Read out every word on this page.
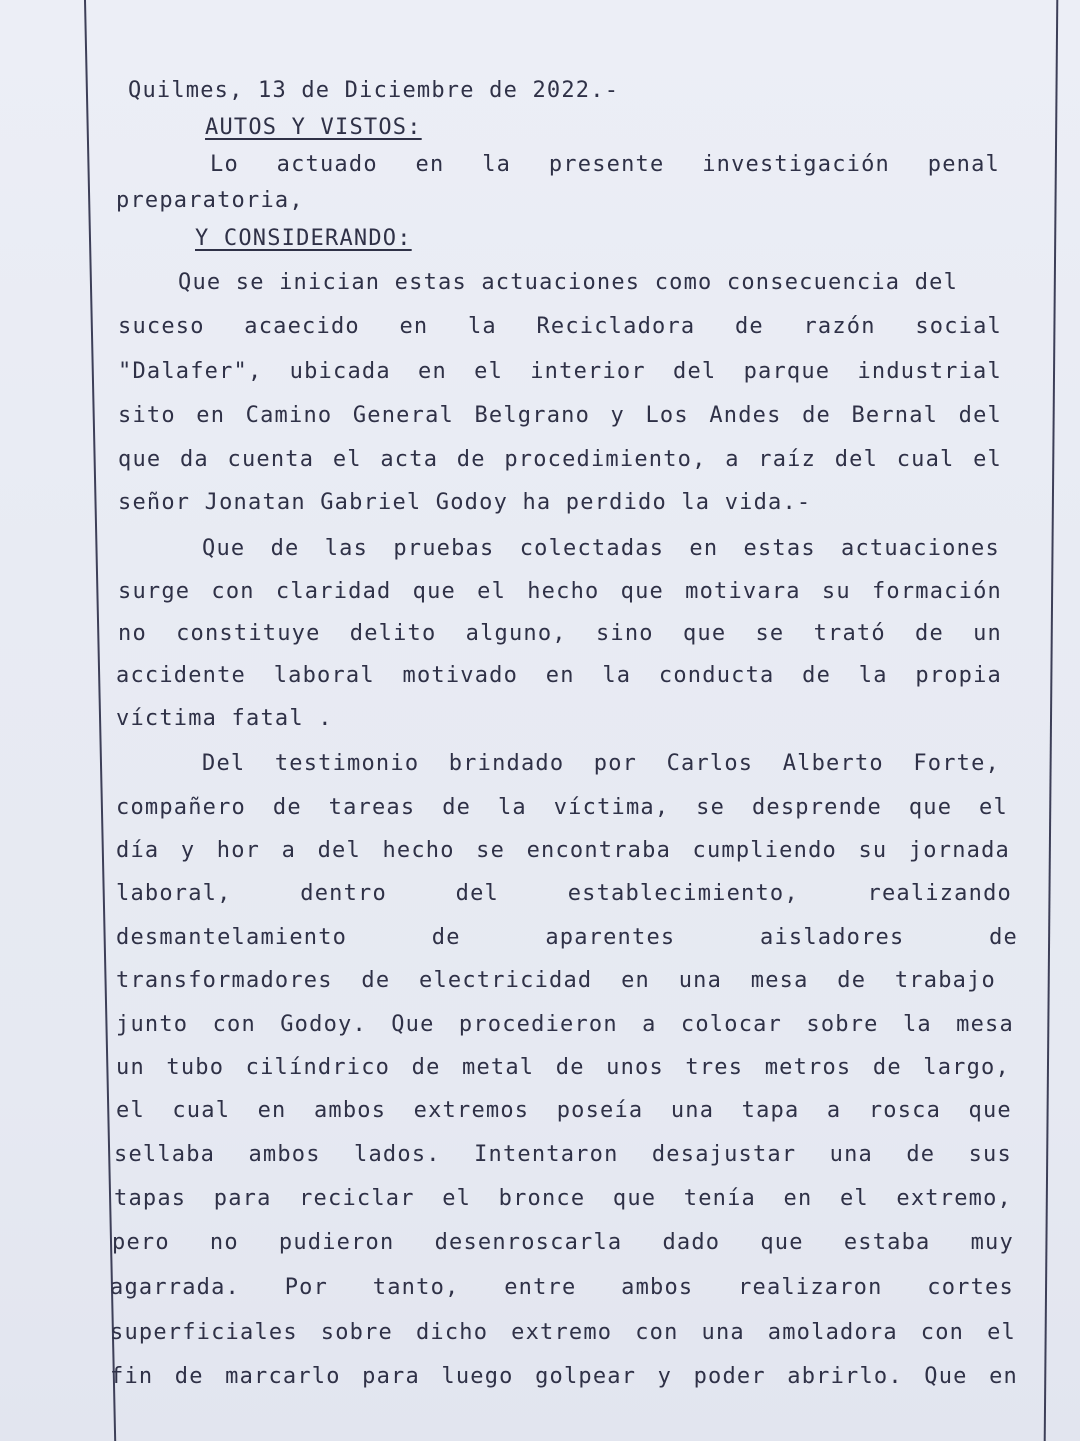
Quilmes, 13 de Diciembre de 2022.-
AUTOS Y VISTOS:
Lo actuado en la presente investigación penal
preparatoria,
Y CONSIDERANDO:
Que se inician estas actuaciones como consecuencia del
suceso acaecido en la Recicladora de razón social
"Dalafer", ubicada en el interior del parque industrial
sito en Camino General Belgrano y Los Andes de Bernal del
que da cuenta el acta de procedimiento, a raíz del cual el
señor Jonatan Gabriel Godoy ha perdido la vida.-
Que de las pruebas colectadas en estas actuaciones
surge con claridad que el hecho que motivara su formación
no constituye delito alguno, sino que se trató de un
accidente laboral motivado en la conducta de la propia
víctima fatal .
Del testimonio brindado por Carlos Alberto Forte,
compañero de tareas de la víctima, se desprende que el
día y hor a del hecho se encontraba cumpliendo su jornada
laboral,	dentro	del	establecimiento,	realizando
desmantelamiento	de	aparentes	aisladores	de
transformadores de electricidad en una mesa de trabajo
junto con Godoy. Que procedieron a colocar sobre la mesa
un tubo cilíndrico de metal de unos tres metros de largo,
el cual en ambos extremos poseía una tapa a rosca que
sellaba ambos lados. Intentaron desajustar una de sus
tapas para reciclar el bronce que tenía en el extremo,
pero no pudieron desenroscarla dado que estaba muy
agarrada. Por tanto, entre ambos realizaron cortes
superficiales sobre dicho extremo con una amoladora con el
fin de marcarlo para luego golpear y poder abrirlo. Que en
